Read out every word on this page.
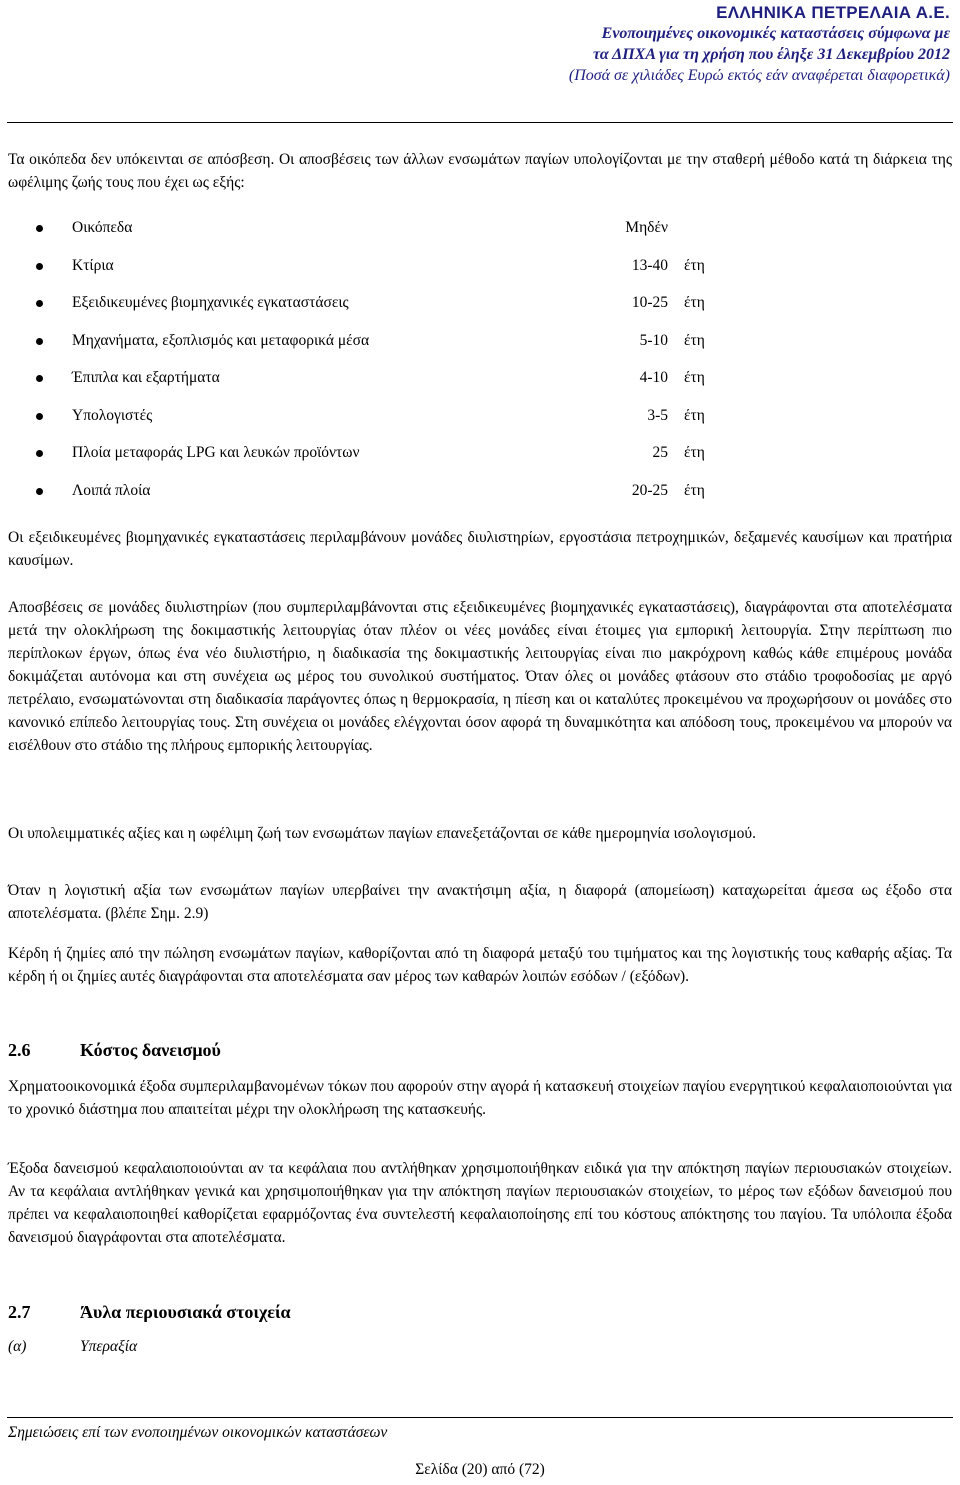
ΕΛΛΗΝΙΚΑ ΠΕΤΡΕΛΑΙΑ Α.Ε.
Ενοποιημένες οικονομικές καταστάσεις σύμφωνα με
τα ΔΠΧΑ για τη χρήση που έληξε 31 Δεκεμβρίου 2012
(Ποσά σε χιλιάδες Ευρώ εκτός εάν αναφέρεται διαφορετικά)

Τα οικόπεδα δεν υπόκεινται σε απόσβεση. Οι αποσβέσεις των άλλων ενσωμάτων παγίων υπολογίζονται με την σταθερή μέθοδο κατά τη διάρκεια της ωφέλιμης ζωής τους που έχει ως εξής:

Οικόπεδα	Μηδέν
Κτίρια	13-40 έτη
Εξειδικευμένες βιομηχανικές εγκαταστάσεις	10-25 έτη
Μηχανήματα, εξοπλισμός και μεταφορικά μέσα	5-10 έτη
Έπιπλα και εξαρτήματα	4-10 έτη
Υπολογιστές	3-5 έτη
Πλοία μεταφοράς LPG και λευκών προϊόντων	25 έτη
Λοιπά πλοία	20-25 έτη

Οι εξειδικευμένες βιομηχανικές εγκαταστάσεις περιλαμβάνουν μονάδες διυλιστηρίων, εργοστάσια πετροχημικών, δεξαμενές καυσίμων και πρατήρια καυσίμων.

Αποσβέσεις σε μονάδες διυλιστηρίων (που συμπεριλαμβάνονται στις εξειδικευμένες βιομηχανικές εγκαταστάσεις), διαγράφονται στα αποτελέσματα μετά την ολοκλήρωση της δοκιμαστικής λειτουργίας όταν πλέον οι νέες μονάδες είναι έτοιμες για εμπορική λειτουργία. Στην περίπτωση πιο περίπλοκων έργων, όπως ένα νέο διυλιστήριο, η διαδικασία της δοκιμαστικής λειτουργίας είναι πιο μακρόχρονη καθώς κάθε επιμέρους μονάδα δοκιμάζεται αυτόνομα και στη συνέχεια ως μέρος του συνολικού συστήματος. Όταν όλες οι μονάδες φτάσουν στο στάδιο τροφοδοσίας με αργό πετρέλαιο, ενσωματώνονται στη διαδικασία παράγοντες όπως η θερμοκρασία, η πίεση και οι καταλύτες προκειμένου να προχωρήσουν οι μονάδες στο κανονικό επίπεδο λειτουργίας τους. Στη συνέχεια οι μονάδες ελέγχονται όσον αφορά τη δυναμικότητα και απόδοση τους, προκειμένου να μπορούν να εισέλθουν στο στάδιο της πλήρους εμπορικής λειτουργίας.

Οι υπολειμματικές αξίες και η ωφέλιμη ζωή των ενσωμάτων παγίων επανεξετάζονται σε κάθε ημερομηνία ισολογισμού.

Όταν η λογιστική αξία των ενσωμάτων παγίων υπερβαίνει την ανακτήσιμη αξία, η διαφορά (απομείωση) καταχωρείται άμεσα ως έξοδο στα αποτελέσματα. (βλέπε Σημ. 2.9)

Κέρδη ή ζημίες από την πώληση ενσωμάτων παγίων, καθορίζονται από τη διαφορά μεταξύ του τιμήματος και της λογιστικής τους καθαρής αξίας. Τα κέρδη ή οι ζημίες αυτές διαγράφονται στα αποτελέσματα σαν μέρος των καθαρών λοιπών εσόδων / (εξόδων).

2.6	Κόστος δανεισμού

Χρηματοοικονομικά έξοδα συμπεριλαμβανομένων τόκων που αφορούν στην αγορά ή κατασκευή στοιχείων παγίου ενεργητικού κεφαλαιοποιούνται για το χρονικό διάστημα που απαιτείται μέχρι την ολοκλήρωση της κατασκευής.

Έξοδα δανεισμού κεφαλαιοποιούνται αν τα κεφάλαια που αντλήθηκαν χρησιμοποιήθηκαν ειδικά για την απόκτηση παγίων περιουσιακών στοιχείων. Αν τα κεφάλαια αντλήθηκαν γενικά και χρησιμοποιήθηκαν για την απόκτηση παγίων περιουσιακών στοιχείων, το μέρος των εξόδων δανεισμού που πρέπει να κεφαλαιοποιηθεί καθορίζεται εφαρμόζοντας ένα συντελεστή κεφαλαιοποίησης επί του κόστους απόκτησης του παγίου. Τα υπόλοιπα έξοδα δανεισμού διαγράφονται στα αποτελέσματα.

2.7	Άυλα περιουσιακά στοιχεία
(α)	Υπεραξία
Σημειώσεις επί των ενοποιημένων οικονομικών καταστάσεων
Σελίδα (20) από (72)
